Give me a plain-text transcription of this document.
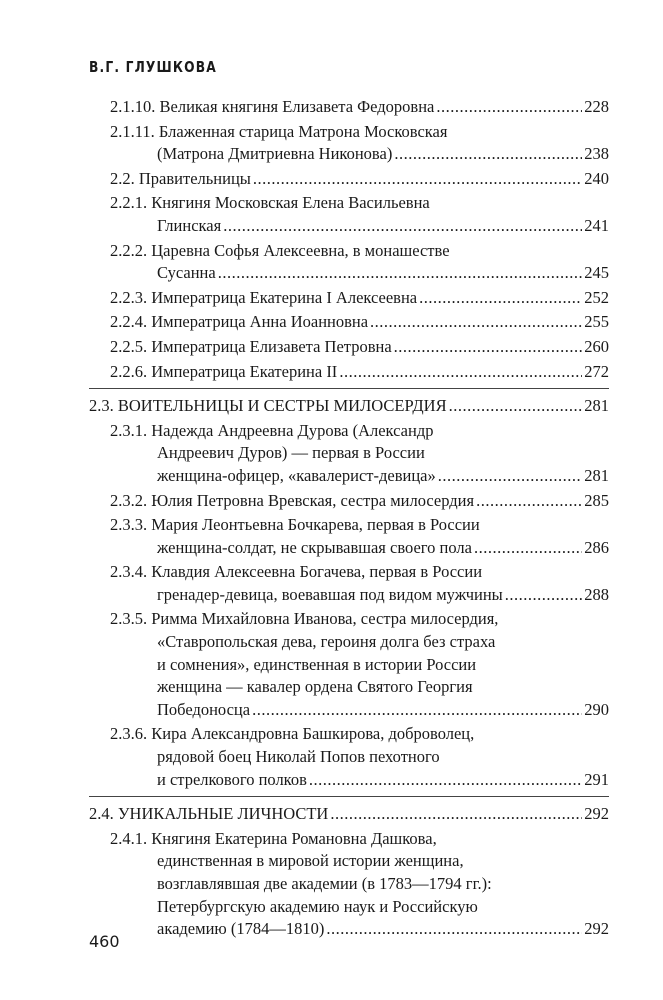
В.Г. ГЛУШКОВА
2.1.10. Великая княгиня Елизавета Федоровна .....	228
2.1.11. Блаженная старица Матрона Московская
(Матрона Дмитриевна Никонова) .....	238
2.2. Правительницы .....	240
2.2.1. Княгиня Московская Елена Васильевна
Глинская .....	241
2.2.2. Царевна Софья Алексеевна, в монашестве
Сусанна .....	245
2.2.3. Императрица Екатерина I Алексеевна .....	252
2.2.4. Императрица Анна Иоанновна .....	255
2.2.5. Императрица Елизавета Петровна .....	260
2.2.6. Императрица Екатерина II .....	272
2.3. ВОИТЕЛЬНИЦЫ И СЕСТРЫ МИЛОСЕРДИЯ .....	281
2.3.1. Надежда Андреевна Дурова (Александр
Андреевич Дуров) — первая в России
женщина-офицер, «кавалерист-девица» .....	281
2.3.2. Юлия Петровна Вревская, сестра милосердия .....	285
2.3.3. Мария Леонтьевна Бочкарева, первая в России
женщина-солдат, не скрывавшая своего пола .....	286
2.3.4. Клавдия Алексеевна Богачева, первая в России
гренадер-девица, воевавшая под видом мужчины .....	288
2.3.5. Римма Михайловна Иванова, сестра милосердия,
«Ставропольская дева, героиня долга без страха
и сомнения», единственная в истории России
женщина — кавалер ордена Святого Георгия
Победоносца .....	290
2.3.6. Кира Александровна Башкирова, доброволец,
рядовой боец Николай Попов пехотного
и стрелкового полков .....	291
2.4. УНИКАЛЬНЫЕ ЛИЧНОСТИ .....	292
2.4.1. Княгиня Екатерина Романовна Дашкова,
единственная в мировой истории женщина,
возглавлявшая две академии (в 1783—1794 гг.):
Петербургскую академию наук и Российскую
академию (1784—1810) .....	292
460
